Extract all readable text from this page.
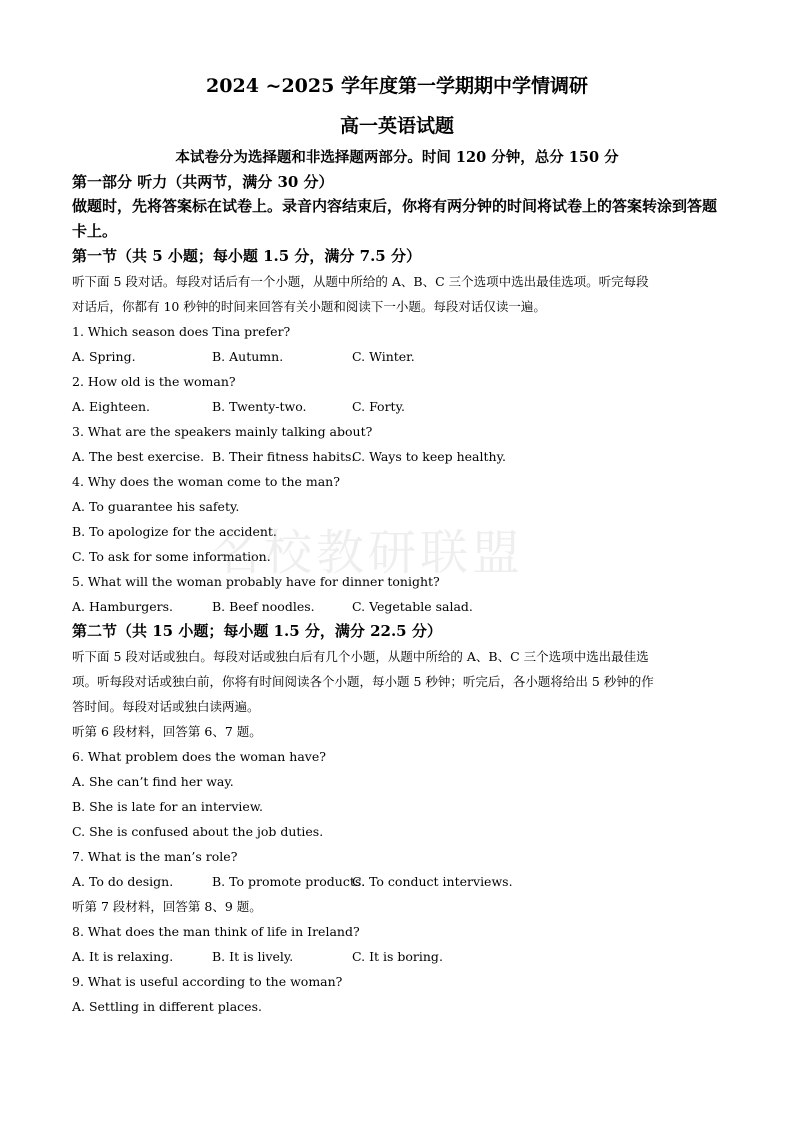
2024 ~2025 学年度第一学期期中学情调研
高一英语试题
本试卷分为选择题和非选择题两部分。时间 120 分钟，总分 150 分
第一部分 听力（共两节，满分 30 分）
做题时，先将答案标在试卷上。录音内容结束后，你将有两分钟的时间将试卷上的答案转涂到答题卡上。
第一节（共 5 小题；每小题 1.5 分，满分 7.5 分）
听下面 5 段对话。每段对话后有一个小题，从题中所给的 A、B、C 三个选项中选出最佳选项。听完每段
对话后，你都有 10 秒钟的时间来回答有关小题和阅读下一小题。每段对话仅读一遍。
1. Which season does Tina prefer?
A. Spring.	B. Autumn.	C. Winter.
2. How old is the woman?
A. Eighteen.	B. Twenty-two.	C. Forty.
3. What are the speakers mainly talking about?
A. The best exercise. B. Their fitness habits.
C. Ways to keep healthy.
4. Why does the woman come to the man?
A. To guarantee his safety.
B. To apologize for the accident.
C. To ask for some information.
5. What will the woman probably have for dinner tonight?
A. Hamburgers.	B. Beef noodles.	C. Vegetable salad.
第二节（共 15 小题；每小题 1.5 分，满分 22.5 分）
听下面 5 段对话或独白。每段对话或独白后有几个小题，从题中所给的 A、B、C 三个选项中选出最佳选
项。听每段对话或独白前，你将有时间阅读各个小题，每小题 5 秒钟；听完后，各小题将给出 5 秒钟的作
答时间。每段对话或独白读两遍。
听第 6 段材料，回答第 6、7 题。
6. What problem does the woman have?
A. She can’t find her way.
B. She is late for an interview.
C. She is confused about the job duties.
7. What is the man’s role?
A. To do design.	B. To promote products.
C. To conduct interviews.
听第 7 段材料，回答第 8、9 题。
8. What does the man think of life in Ireland?
A. It is relaxing.	B. It is lively.	C. It is boring.
9. What is useful according to the woman?
A. Settling in different places.
名校教研联盟
